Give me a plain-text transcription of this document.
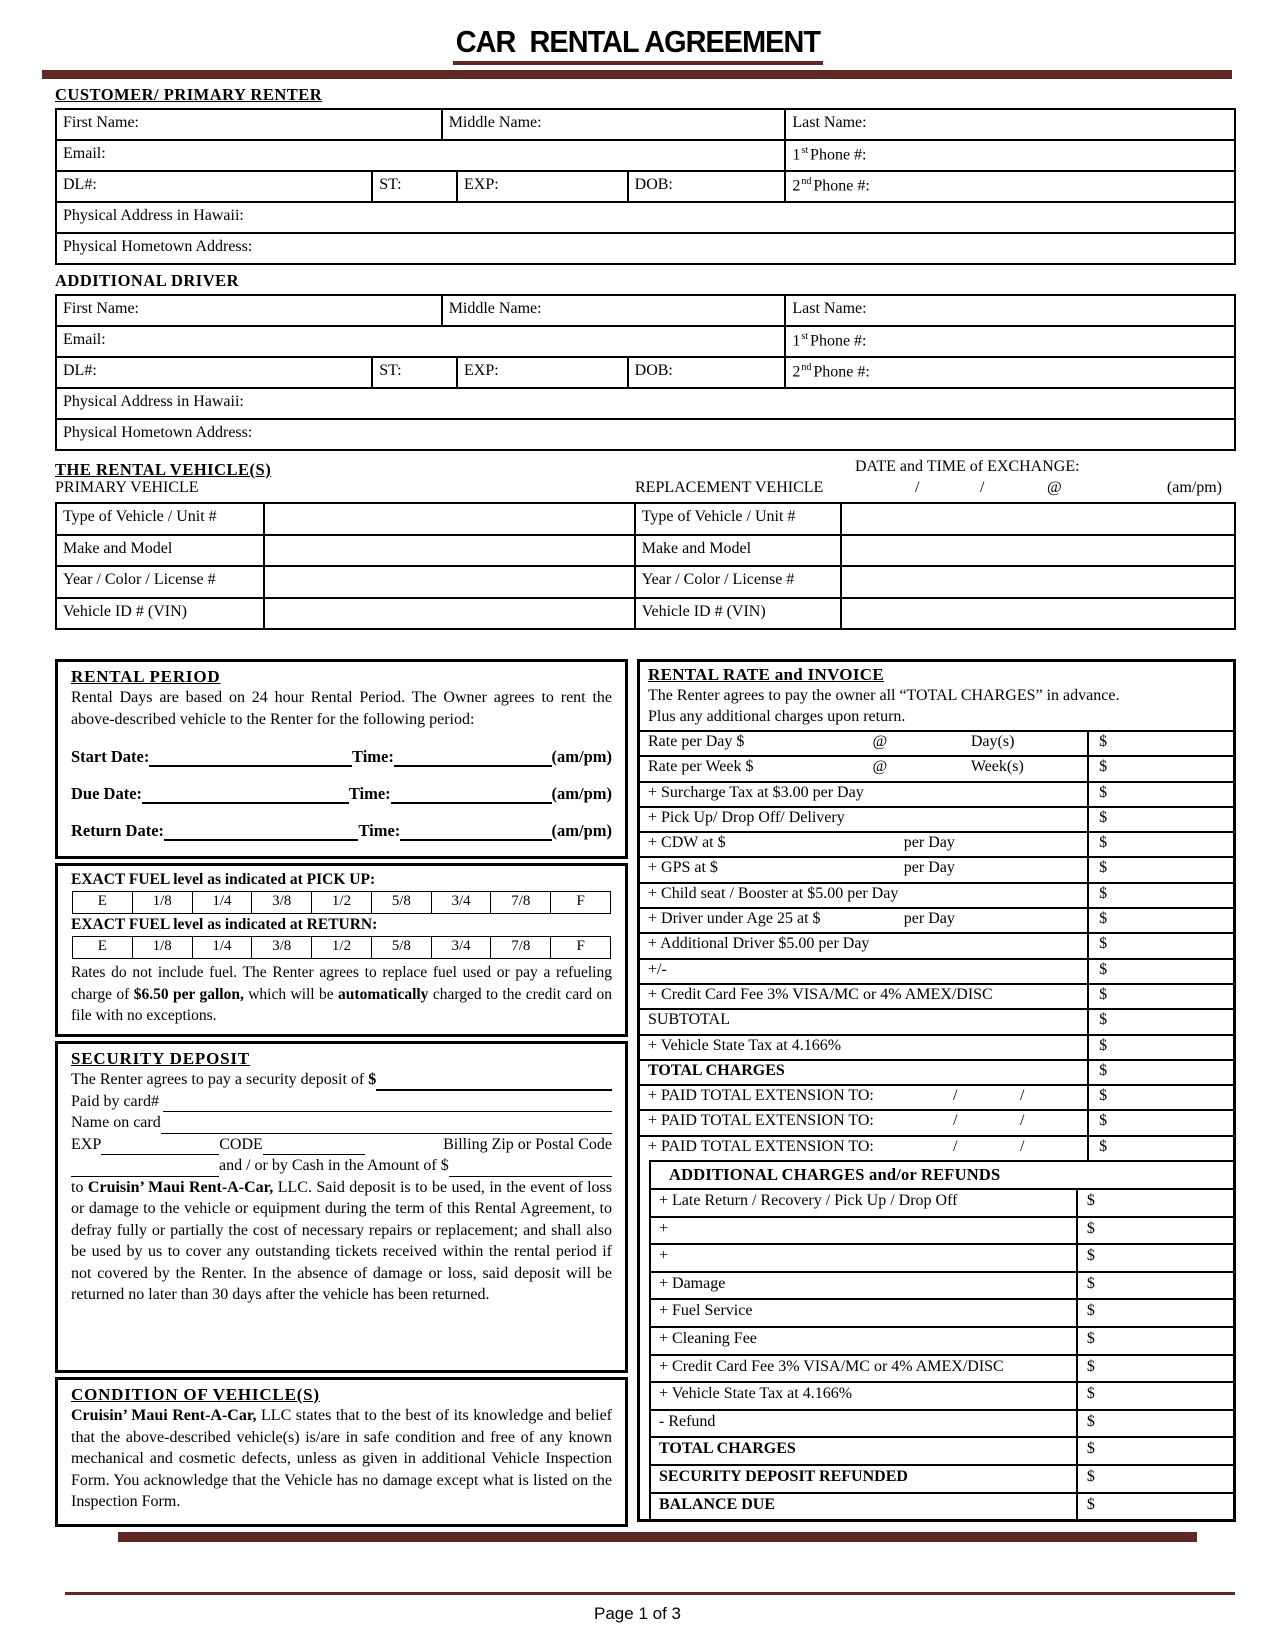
CAR  RENTAL AGREEMENT
CUSTOMER/ PRIMARY RENTER
First Name:	Middle Name:	Last Name:
Email:	1st Phone #:
DL#:	ST:	EXP:	DOB:	2nd Phone #:
Physical Address in Hawaii:
Physical Hometown Address:
ADDITIONAL DRIVER
First Name:	Middle Name:	Last Name:
Email:	1st Phone #:
DL#:	ST:	EXP:	DOB:	2nd Phone #:
Physical Address in Hawaii:
Physical Hometown Address:
THE RENTAL VEHICLE(S)	DATE and TIME of EXCHANGE:
PRIMARY VEHICLE	REPLACEMENT VEHICLE	/	/	@	(am/pm)
Type of Vehicle / Unit #	Type of Vehicle / Unit #
Make and Model	Make and Model
Year / Color / License #	Year / Color / License #
Vehicle ID # (VIN)	Vehicle ID # (VIN)
RENTAL PERIOD
Rental Days are based on 24 hour Rental Period. The Owner agrees to rent the above-described vehicle to the Renter for the following period:
Start Date:	Time:	(am/pm)
Due Date:	Time:	(am/pm)
Return Date:	Time:	(am/pm)
EXACT FUEL level as indicated at PICK UP:
E	1/8	1/4	3/8	1/2	5/8	3/4	7/8	F
EXACT FUEL level as indicated at RETURN:
E	1/8	1/4	3/8	1/2	5/8	3/4	7/8	F
Rates do not include fuel. The Renter agrees to replace fuel used or pay a refueling charge of $6.50 per gallon, which will be automatically charged to the credit card on file with no exceptions.
SECURITY DEPOSIT
The Renter agrees to pay a security deposit of $
Paid by card#
Name on card
EXP	CODE	Billing Zip or Postal Code
and / or by Cash in the Amount of $
to Cruisin’ Maui Rent-A-Car, LLC. Said deposit is to be used, in the event of loss or damage to the vehicle or equipment during the term of this Rental Agreement, to defray fully or partially the cost of necessary repairs or replacement; and shall also be used by us to cover any outstanding tickets received within the rental period if not covered by the Renter. In the absence of damage or loss, said deposit will be returned no later than 30 days after the vehicle has been returned.
CONDITION OF VEHICLE(S)
Cruisin’ Maui Rent-A-Car, LLC states that to the best of its knowledge and belief that the above-described vehicle(s) is/are in safe condition and free of any known mechanical and cosmetic defects, unless as given in additional Vehicle Inspection Form. You acknowledge that the Vehicle has no damage except what is listed on the Inspection Form.
RENTAL RATE and INVOICE
The Renter agrees to pay the owner all “TOTAL CHARGES” in advance.
Plus any additional charges upon return.
Rate per Day $	@	Day(s)	$
Rate per Week $	@	Week(s)	$
+ Surcharge Tax at $3.00 per Day	$
+ Pick Up/ Drop Off/ Delivery	$
+ CDW at $	per Day	$
+ GPS at $	per Day	$
+ Child seat / Booster at $5.00 per Day	$
+ Driver under Age 25 at $	per Day	$
+ Additional Driver $5.00 per Day	$
+/-	$
+ Credit Card Fee 3% VISA/MC or 4% AMEX/DISC	$
SUBTOTAL	$
+ Vehicle State Tax at 4.166%	$
TOTAL CHARGES	$
+ PAID TOTAL EXTENSION TO:	/	/	$
+ PAID TOTAL EXTENSION TO:	/	/	$
+ PAID TOTAL EXTENSION TO:	/	/	$
ADDITIONAL CHARGES and/or REFUNDS
+ Late Return / Recovery / Pick Up / Drop Off	$
+	$
+	$
+ Damage	$
+ Fuel Service	$
+ Cleaning Fee	$
+ Credit Card Fee 3% VISA/MC or 4% AMEX/DISC	$
+ Vehicle State Tax at 4.166%	$
- Refund	$
TOTAL CHARGES	$
SECURITY DEPOSIT REFUNDED	$
BALANCE DUE	$
Page 1 of 3
